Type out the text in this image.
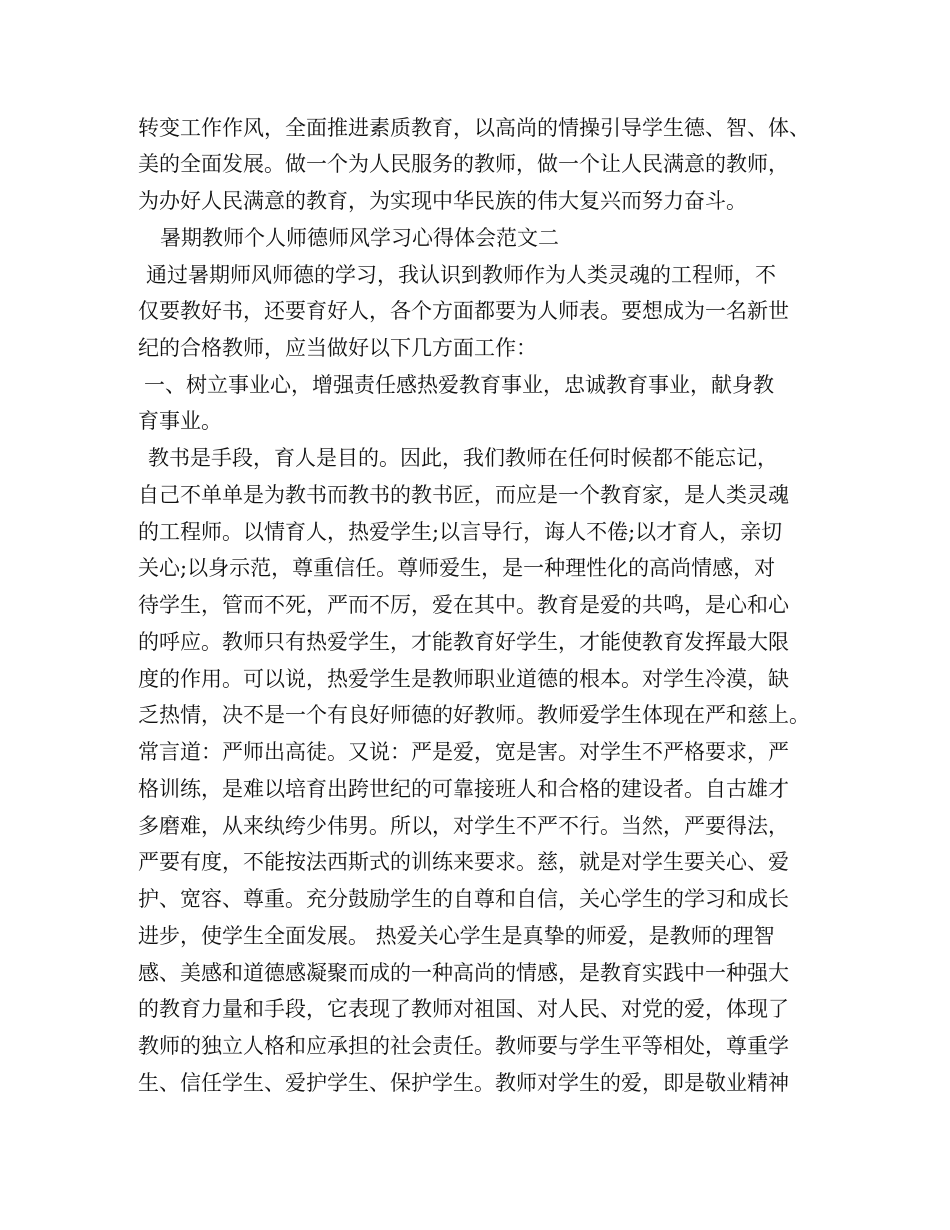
转变工作作风，全面推进素质教育，以高尚的情操引导学生德、智、体、
美的全面发展。做一个为人民服务的教师，做一个让人民满意的教师，
为办好人民满意的教育，为实现中华民族的伟大复兴而努力奋斗。
暑期教师个人师德师风学习心得体会范文二
通过暑期师风师德的学习，我认识到教师作为人类灵魂的工程师，不
仅要教好书，还要育好人，各个方面都要为人师表。要想成为一名新世
纪的合格教师，应当做好以下几方面工作：
一、树立事业心，增强责任感热爱教育事业，忠诚教育事业，献身教
育事业。
教书是手段，育人是目的。因此，我们教师在任何时候都不能忘记，
自己不单单是为教书而教书的教书匠，而应是一个教育家，是人类灵魂
的工程师。以情育人，热爱学生;以言导行，诲人不倦;以才育人，亲切
关心;以身示范，尊重信任。尊师爱生，是一种理性化的高尚情感，对
待学生，管而不死，严而不厉，爱在其中。教育是爱的共鸣，是心和心
的呼应。教师只有热爱学生，才能教育好学生，才能使教育发挥最大限
度的作用。可以说，热爱学生是教师职业道德的根本。对学生冷漠，缺
乏热情，决不是一个有良好师德的好教师。教师爱学生体现在严和慈上。
常言道：严师出高徒。又说：严是爱，宽是害。对学生不严格要求，严
格训练，是难以培育出跨世纪的可靠接班人和合格的建设者。自古雄才
多磨难，从来纨绔少伟男。所以，对学生不严不行。当然，严要得法，
严要有度，不能按法西斯式的训练来要求。慈，就是对学生要关心、爱
护、宽容、尊重。充分鼓励学生的自尊和自信，关心学生的学习和成长
进步，使学生全面发展。 热爱关心学生是真挚的师爱，是教师的理智
感、美感和道德感凝聚而成的一种高尚的情感，是教育实践中一种强大
的教育力量和手段，它表现了教师对祖国、对人民、对党的爱，体现了
教师的独立人格和应承担的社会责任。教师要与学生平等相处，尊重学
生、信任学生、爱护学生、保护学生。教师对学生的爱，即是敬业精神
